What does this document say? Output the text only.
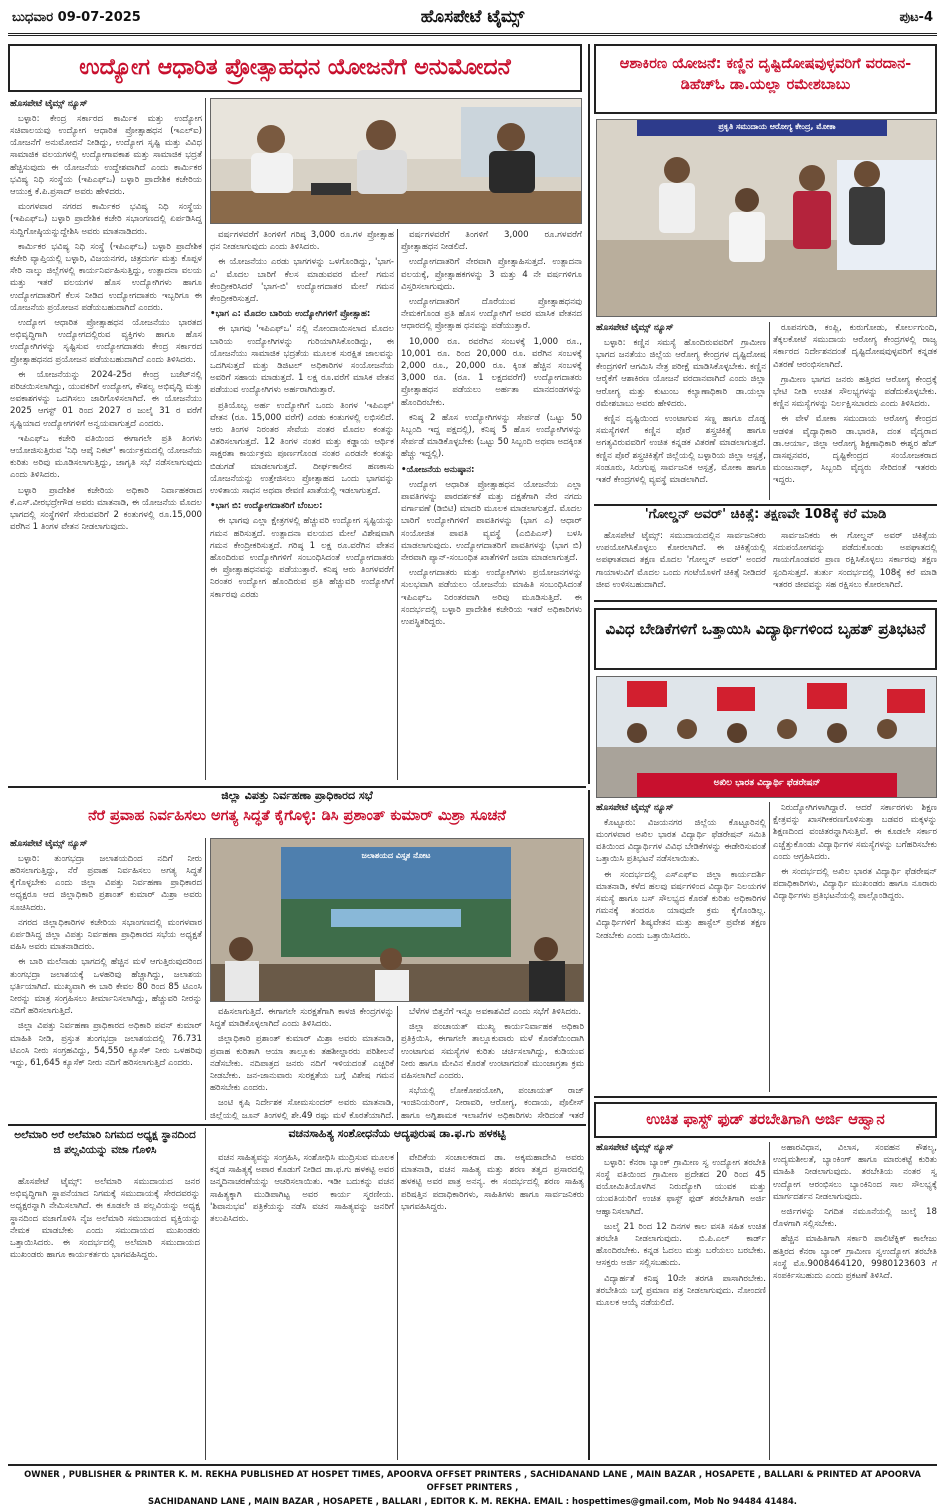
ಬುಧವಾರ 09-07-2025	ಹೊಸಪೇಟೆ ಟೈಮ್ಸ್	ಪುಟ-4
ಉದ್ಯೋಗ ಆಧಾರಿತ ಪ್ರೋತ್ಸಾಹಧನ ಯೋಜನೆಗೆ ಅನುಮೋದನೆ
ಹೊಸಪೇಟೆ ಟೈಮ್ಸ್ ನ್ಯೂಸ್

ಬಳ್ಳಾರಿ: ಕೇಂದ್ರ ಸರ್ಕಾರದ ಕಾರ್ಮಿಕ ಮತ್ತು ಉದ್ಯೋಗ ಸಚಿವಾಲಯವು ಉದ್ಯೋಗ ಆಧಾರಿತ ಪ್ರೋತ್ಸಾಹಧನ (ಇಎಲ್‌ಐ) ಯೋಜನೆಗೆ ಅನುಮೋದನೆ ನೀಡಿದ್ದು, ಉದ್ಯೋಗ ಸೃಷ್ಟಿ ಮತ್ತು ವಿವಿಧ ಸಾಮಾಜಿಕ ವಲಯಗಳಲ್ಲಿ ಉದ್ಯೋಗಾವಕಾಶ ಮತ್ತು ಸಾಮಾಜಿಕ ಭದ್ರತೆ ಹೆಚ್ಚಿಸುವುದು ಈ ಯೋಜನೆಯ ಉದ್ದೇಶವಾಗಿದೆ ಎಂದು ಕಾರ್ಮಿಕರ ಭವಿಷ್ಯ ನಿಧಿ ಸಂಸ್ಥೆಯ (ಇಪಿಎಫ್‌ಒ) ಬಳ್ಳಾರಿ ಪ್ರಾದೇಶಿಕ ಕಚೇರಿಯ ಆಯುಕ್ತ ಕೆ.ಪಿ.ಪ್ರಸಾದ್ ಅವರು ಹೇಳಿದರು.

ಮಂಗಳವಾರ ನಗರದ ಕಾರ್ಮಿಕರ ಭವಿಷ್ಯ ನಿಧಿ ಸಂಸ್ಥೆಯ (ಇಪಿಎಫ್‌ಒ) ಬಳ್ಳಾರಿ ಪ್ರಾದೇಶಿಕ ಕಚೇರಿ ಸಭಾಂಗಣದಲ್ಲಿ ಏರ್ಪಡಿಸಿದ್ದ ಸುದ್ದಿಗೋಷ್ಠಿಯನ್ನುದ್ದೇಶಿಸಿ ಅವರು ಮಾತನಾಡಿದರು.

ಕಾರ್ಮಿಕರ ಭವಿಷ್ಯ ನಿಧಿ ಸಂಸ್ಥೆ (ಇಪಿಎಫ್‌ಒ) ಬಳ್ಳಾರಿ ಪ್ರಾದೇಶಿಕ ಕಚೇರಿ ವ್ಯಾಪ್ತಿಯಲ್ಲಿ ಬಳ್ಳಾರಿ, ವಿಜಯನಗರ, ಚಿತ್ರದುರ್ಗ ಮತ್ತು ಕೊಪ್ಪಳ ಸೇರಿ ನಾಲ್ಕು ಜಿಲ್ಲೆಗಳಲ್ಲಿ ಕಾರ್ಯನಿರ್ವಹಿಸುತ್ತಿದ್ದು, ಉತ್ಪಾದನಾ ವಲಯ ಮತ್ತು ಇತರೆ ವಲಯಗಳ ಹೊಸ ಉದ್ಯೋಗಿಗಳು ಹಾಗೂ ಉದ್ಯೋಗದಾತರಿಗೆ ಕೆಲಸ ನೀಡಿದ ಉದ್ಯೋಗದಾತರು ಇಬ್ಬರಿಗೂ ಈ ಯೋಜನೆಯ ಪ್ರಯೋಜನ ಪಡೆಯಬಹುದಾಗಿದೆ ಎಂದರು.

ಉದ್ಯೋಗ ಆಧಾರಿತ ಪ್ರೋತ್ಸಾಹಧನ ಯೋಜನೆಯು ಭಾರತದ ಅಭಿವೃದ್ಧಿಗಾಗಿ ಉದ್ಯೋಗದಲ್ಲಿರುವ ವ್ಯಕ್ತಿಗಳು ಹಾಗೂ ಹೊಸ ಉದ್ಯೋಗಿಗಳನ್ನು ಸೃಷ್ಟಿಸುವ ಉದ್ಯೋಗದಾತರು ಕೇಂದ್ರ ಸರ್ಕಾರದ ಪ್ರೋತ್ಸಾಹಧನದ ಪ್ರಯೋಜನ ಪಡೆಯಬಹುದಾಗಿದೆ ಎಂದು ತಿಳಿಸಿದರು.

ಈ ಯೋಜನೆಯನ್ನು 2024-25ರ ಕೇಂದ್ರ ಬಜೆಟ್‌ನಲ್ಲಿ ಪರಿಚಯಿಸಲಾಗಿದ್ದು, ಯುವಕರಿಗೆ ಉದ್ಯೋಗ, ಕೌಶಲ್ಯ ಅಭಿವೃದ್ಧಿ ಮತ್ತು ಅವಕಾಶಗಳನ್ನು ಒದಗಿಸಲು ಜಾರಿಗೊಳಿಸಲಾಗಿದೆ. ಈ ಯೋಜನೆಯು 2025 ಆಗಸ್ಟ್ 01 ರಿಂದ 2027 ರ ಜುಲೈ 31 ರ ವರೆಗೆ ಸೃಷ್ಟಿಯಾದ ಉದ್ಯೋಗಗಳಿಗೆ ಅನ್ವಯವಾಗುತ್ತದೆ ಎಂದರು.

ಇಪಿಎಫ್‌ಒ ಕಚೇರಿ ವತಿಯಿಂದ ಈಗಾಗಲೇ ಪ್ರತಿ ತಿಂಗಳು ಆಯೋಜಿಸುತ್ತಿರುವ 'ನಿಧಿ ಆಪ್ಕೆ ನಿಕಟ್' ಕಾರ್ಯಕ್ರಮದಲ್ಲಿ ಯೋಜನೆಯ ಕುರಿತು ಅರಿವು ಮೂಡಿಸಲಾಗುತ್ತಿದ್ದು, ಜಾಗೃತಿ ಸಭೆ ನಡೆಸಲಾಗುವುದು ಎಂದು ತಿಳಿಸಿದರು.

ಬಳ್ಳಾರಿ ಪ್ರಾದೇಶಿಕ ಕಚೇರಿಯ ಅಧಿಕಾರಿ ನಿರ್ವಾಹಕರಾದ ಕೆ.ಎಸ್.ವೀರಭದ್ರೇಗೌಡ ಅವರು ಮಾತನಾಡಿ, ಈ ಯೋಜನೆಯ ಮೊದಲ ಭಾಗದಲ್ಲಿ ಸಂಸ್ಥೆಗಳಿಗೆ ಸೇರುವವರಿಗೆ 2 ಕಂತುಗಳಲ್ಲಿ ರೂ.15,000 ವರೆಗಿನ 1 ತಿಂಗಳ ವೇತನ ನೀಡಲಾಗುವುದು.

ವರ್ಷಗಳವರೆಗೆ ತಿಂಗಳಿಗೆ ಗರಿಷ್ಠ 3,000 ರೂ.ಗಳ ಪ್ರೋತ್ಸಾಹ ಧನ ನೀಡಲಾಗುವುದು ಎಂದು ತಿಳಿಸಿದರು.

ಈ ಯೋಜನೆಯು ಎರಡು ಭಾಗಗಳನ್ನು ಒಳಗೊಂಡಿದ್ದು, 'ಭಾಗ-ಎ' ಮೊದಲ ಬಾರಿಗೆ ಕೆಲಸ ಮಾಡುವವರ ಮೇಲೆ ಗಮನ ಕೇಂದ್ರೀಕರಿಸಿದರೆ 'ಭಾಗ-ಬಿ' ಉದ್ಯೋಗದಾತರ ಮೇಲೆ ಗಮನ ಕೇಂದ್ರೀಕರಿಸುತ್ತದೆ.

•ಭಾಗ ಎ: ಮೊದಲ ಬಾರಿಯ ಉದ್ಯೋಗಿಗಳಿಗೆ ಪ್ರೋತ್ಸಾಹ:

ಈ ಭಾಗವು 'ಇಪಿಎಫ್‌ಒ' ನಲ್ಲಿ ನೋಂದಾಯಿಸಲಾದ ಮೊದಲ ಬಾರಿಯ ಉದ್ಯೋಗಿಗಳನ್ನು ಗುರಿಯಾಗಿಸಿಕೊಂಡಿದ್ದು, ಈ ಯೋಜನೆಯು ಸಾಮಾಜಿಕ ಭದ್ರತೆಯ ಮೂಲಕ ಸುರಕ್ಷಿತ ಜಾಲವನ್ನು ಒದಗಿಸುತ್ತದೆ ಮತ್ತು ಡಿಜಿಟಲ್ ಅಧಿಕಾರಿಗಳ ಸಂಯೋಜನೆಯ ಅವರಿಗೆ ಸಹಾಯ ಮಾಡುತ್ತದೆ. 1 ಲಕ್ಷ ರೂ.ವರೆಗೆ ಮಾಸಿಕ ವೇತನ ಪಡೆಯುವ ಉದ್ಯೋಗಿಗಳು ಅರ್ಹರಾಗಿರುತ್ತಾರೆ.

ಪ್ರತಿಯೊಬ್ಬ ಅರ್ಹ ಉದ್ಯೋಗಿಗೆ ಒಂದು ತಿಂಗಳ 'ಇಪಿಎಫ್' ವೇತನ (ರೂ. 15,000 ವರೆಗೆ) ಎರಡು ಕಂತುಗಳಲ್ಲಿ ಲಭಿಸಲಿದೆ. ಆರು ತಿಂಗಳ ನಿರಂತರ ಸೇವೆಯ ನಂತರ ಮೊದಲ ಕಂತನ್ನು ವಿತರಿಸಲಾಗುತ್ತದೆ. 12 ತಿಂಗಳ ನಂತರ ಮತ್ತು ಕಡ್ಡಾಯ ಆರ್ಥಿಕ ಸಾಕ್ಷರತಾ ಕಾರ್ಯಕ್ರಮ ಪೂರ್ಣಗೊಂಡ ನಂತರ ಎರಡನೇ ಕಂತನ್ನು ಬಿಡುಗಡೆ ಮಾಡಲಾಗುತ್ತದೆ. ದೀರ್ಘಕಾಲೀನ ಹಣಕಾಸು ಯೋಜನೆಯನ್ನು ಉತ್ತೇಜಿಸಲು ಪ್ರೋತ್ಸಾಹದ ಒಂದು ಭಾಗವನ್ನು ಉಳಿತಾಯ ಸಾಧನ ಅಥವಾ ಠೇವಣಿ ಖಾತೆಯಲ್ಲಿ ಇಡಲಾಗುತ್ತದೆ.

•ಭಾಗ ಬಿ: ಉದ್ಯೋಗದಾತರಿಗೆ ಬೆಂಬಲ:

ಈ ಭಾಗವು ಎಲ್ಲಾ ಕ್ಷೇತ್ರಗಳಲ್ಲಿ ಹೆಚ್ಚುವರಿ ಉದ್ಯೋಗ ಸೃಷ್ಟಿಯನ್ನು ಗಮನ ಹರಿಸುತ್ತದೆ. ಉತ್ಪಾದನಾ ವಲಯದ ಮೇಲೆ ವಿಶೇಷವಾಗಿ ಗಮನ ಕೇಂದ್ರೀಕರಿಸುತ್ತದೆ. ಗರಿಷ್ಠ 1 ಲಕ್ಷ ರೂ.ವರೆಗಿನ ವೇತನ ಹೊಂದಿರುವ ಉದ್ಯೋಗಿಗಳಿಗೆ ಸಂಬಂಧಿಸಿದಂತೆ ಉದ್ಯೋಗದಾತರು ಈ ಪ್ರೋತ್ಸಾಹಧನವನ್ನು ಪಡೆಯುತ್ತಾರೆ. ಕನಿಷ್ಠ ಆರು ತಿಂಗಳವರೆಗೆ ನಿರಂತರ ಉದ್ಯೋಗ ಹೊಂದಿರುವ ಪ್ರತಿ ಹೆಚ್ಚುವರಿ ಉದ್ಯೋಗಿಗೆ ಸರ್ಕಾರವು ಎರಡು

ವರ್ಷಗಳವರೆಗೆ ತಿಂಗಳಿಗೆ 3,000 ರೂ.ಗಳವರೆಗೆ ಪ್ರೋತ್ಸಾಹಧನ ನೀಡಲಿದೆ.

ಉದ್ಯೋಗದಾತರಿಗೆ ನೇರವಾಗಿ ಪ್ರೋತ್ಸಾಹಿಸುತ್ತದೆ. ಉತ್ಪಾದನಾ ವಲಯಕ್ಕೆ, ಪ್ರೋತ್ಸಾಹಕಗಳನ್ನು 3 ಮತ್ತು 4 ನೇ ವರ್ಷಗಳಿಗೂ ವಿಸ್ತರಿಸಲಾಗುವುದು.

ಉದ್ಯೋಗದಾತರಿಗೆ ದೊರೆಯುವ ಪ್ರೋತ್ಸಾಹಧನವು ನೇಮಕಗೊಂಡ ಪ್ರತಿ ಹೊಸ ಉದ್ಯೋಗಿಗೆ ಅವರ ಮಾಸಿಕ ವೇತನದ ಆಧಾರದಲ್ಲಿ ಪ್ರೋತ್ಸಾಹ ಧನವನ್ನು ಪಡೆಯುತ್ತಾರೆ.

10,000 ರೂ. ರವರೆಗಿನ ಸಂಬಳಕ್ಕೆ 1,000 ರೂ., 10,001 ರೂ. ರಿಂದ 20,000 ರೂ. ವರೆಗಿನ ಸಂಬಳಕ್ಕೆ 2,000 ರೂ., 20,000 ರೂ. ಕ್ಕಿಂತ ಹೆಚ್ಚಿನ ಸಂಬಳಕ್ಕೆ 3,000 ರೂ. (ರೂ. 1 ಲಕ್ಷದವರೆಗೆ) ಉದ್ಯೋಗದಾತರು ಪ್ರೋತ್ಸಾಹಧನ ಪಡೆಯಲು ಅರ್ಹತಾ ಮಾನದಂಡಗಳನ್ನು ಹೊಂದಿರಬೇಕು.

ಕನಿಷ್ಠ 2 ಹೊಸ ಉದ್ಯೋಗಿಗಳನ್ನು ಸೇರ್ಪಡೆ (ಒಟ್ಟು 50 ಸಿಬ್ಬಂದಿ ಇದ್ದ ಪಕ್ಷದಲ್ಲಿ), ಕನಿಷ್ಠ 5 ಹೊಸ ಉದ್ಯೋಗಿಗಳನ್ನು ಸೇರ್ಪಡೆ ಮಾಡಿಕೊಳ್ಳಬೇಕು (ಒಟ್ಟು 50 ಸಿಬ್ಬಂದಿ ಅಥವಾ ಅದಕ್ಕಿಂತ ಹೆಚ್ಚು ಇದ್ದಲ್ಲಿ).

•ಯೋಜನೆಯ ಅನುಷ್ಠಾನ:

ಉದ್ಯೋಗ ಆಧಾರಿತ ಪ್ರೋತ್ಸಾಹಧನ ಯೋಜನೆಯ ಎಲ್ಲಾ ಪಾವತಿಗಳನ್ನು ಪಾರದರ್ಶಕತೆ ಮತ್ತು ದಕ್ಷತೆಗಾಗಿ ನೇರ ನಗದು ವರ್ಗಾವಣೆ (ಡಿಬಿಟಿ) ಮಾದರಿ ಮೂಲಕ ಮಾಡಲಾಗುತ್ತದೆ. ಮೊದಲ ಬಾರಿಗೆ ಉದ್ಯೋಗಿಗಳಿಗೆ ಪಾವತಿಗಳನ್ನು (ಭಾಗ ಎ) ಆಧಾರ್ ಸಂಯೋಜಿತ ಪಾವತಿ ವ್ಯವಸ್ಥೆ (ಎಬಿಪಿಎಸ್) ಬಳಸಿ ಮಾಡಲಾಗುವುದು. ಉದ್ಯೋಗದಾತರಿಗೆ ಪಾವತಿಗಳನ್ನು (ಭಾಗ ಬಿ) ನೇರವಾಗಿ ಪ್ಯಾನ್-ಸಂಬಂಧಿತ ಖಾತೆಗಳಿಗೆ ಜಮಾ ಮಾಡಲಾಗುತ್ತದೆ.

ಉದ್ಯೋಗದಾತರು ಮತ್ತು ಉದ್ಯೋಗಿಗಳು ಪ್ರಯೋಜನಗಳನ್ನು ಸುಲಭವಾಗಿ ಪಡೆಯಲು ಯೋಜನೆಯ ಮಾಹಿತಿ ಸಂಬಂಧಿಸಿದಂತೆ ಇಪಿಎಫ್‌ಒ ನಿರಂತರವಾಗಿ ಅರಿವು ಮೂಡಿಸುತ್ತಿದೆ. ಈ ಸಂದರ್ಭದಲ್ಲಿ ಬಳ್ಳಾರಿ ಪ್ರಾದೇಶಿಕ ಕಚೇರಿಯ ಇತರೆ ಅಧಿಕಾರಿಗಳು ಉಪಸ್ಥಿತರಿದ್ದರು.

ಆಶಾಕಿರಣ ಯೋಜನೆ: ಕಣ್ಣಿನ ದೃಷ್ಟಿದೋಷವುಳ್ಳವರಿಗೆ ವರದಾನ-ಡಿಹೆಚ್‌ಓ ಡಾ.ಯಲ್ಲಾ ರಮೇಶಬಾಬು
ಪ್ರಕೃತಿ ಸಮುದಾಯ ಆರೋಗ್ಯ ಕೇಂದ್ರ, ಮೋಕಾ
ಹೊಸಪೇಟೆ ಟೈಮ್ಸ್ ನ್ಯೂಸ್

ಬಳ್ಳಾರಿ: ಕಣ್ಣಿನ ಸಮಸ್ಯೆ ಹೊಂದಿರುವವರಿಗೆ ಗ್ರಾಮೀಣ ಭಾಗದ ಜನತೆಯು ಜಿಲ್ಲೆಯ ಆರೋಗ್ಯ ಕೇಂದ್ರಗಳ ದೃಷ್ಟಿದೋಷ ಕೇಂದ್ರಗಳಿಗೆ ಆಗಮಿಸಿ ನೇತ್ರ ಪರೀಕ್ಷೆ ಮಾಡಿಸಿಕೊಳ್ಳಬೇಕು. ಕಣ್ಣಿನ ಆರೈಕೆಗೆ ಆಶಾಕಿರಣ ಯೋಜನೆ ವರದಾನವಾಗಿದೆ ಎಂದು ಜಿಲ್ಲಾ ಆರೋಗ್ಯ ಮತ್ತು ಕುಟುಂಬ ಕಲ್ಯಾಣಾಧಿಕಾರಿ ಡಾ.ಯಲ್ಲಾ ರಮೇಶಬಾಬು ಅವರು ಹೇಳಿದರು.

ಕಣ್ಣಿನ ದೃಷ್ಟಿಯಿಂದ ಉಂಟಾಗುವ ಸಣ್ಣ ಹಾಗೂ ದೊಡ್ಡ ಸಮಸ್ಯೆಗಳಿಗೆ ಕಣ್ಣಿನ ಪೊರೆ ಶಸ್ತ್ರಚಿಕಿತ್ಸೆ ಹಾಗೂ ಅಗತ್ಯವಿರುವವರಿಗೆ ಉಚಿತ ಕನ್ನಡಕ ವಿತರಣೆ ಮಾಡಲಾಗುತ್ತದೆ. ಕಣ್ಣಿನ ಪೊರೆ ಶಸ್ತ್ರಚಿಕಿತ್ಸೆಗೆ ಜಿಲ್ಲೆಯಲ್ಲಿ ಬಳ್ಳಾರಿಯ ಜಿಲ್ಲಾ ಆಸ್ಪತ್ರೆ, ಸಂಡೂರು, ಸಿರುಗುಪ್ಪ ಸಾರ್ವಜನಿಕ ಆಸ್ಪತ್ರೆ, ಮೋಕಾ ಹಾಗೂ ಇತರೆ ಕೇಂದ್ರಗಳಲ್ಲಿ ವ್ಯವಸ್ಥೆ ಮಾಡಲಾಗಿದೆ.

ರೂಪನಗುಡಿ, ಕಂಪ್ಲಿ, ಕುರುಗೋಡು, ಕೋರ್ಲಗುಂದಿ, ತೆಕ್ಕಲಕೋಟೆ ಸಮುದಾಯ ಆರೋಗ್ಯ ಕೇಂದ್ರಗಳಲ್ಲಿ ರಾಜ್ಯ ಸರ್ಕಾರದ ನಿರ್ದೇಶನದಂತೆ ದೃಷ್ಟಿದೋಷವುಳ್ಳವರಿಗೆ ಕನ್ನಡಕ ವಿತರಣೆ ಆರಂಭಿಸಲಾಗಿದೆ.

ಗ್ರಾಮೀಣ ಭಾಗದ ಜನರು ಹತ್ತಿರದ ಆರೋಗ್ಯ ಕೇಂದ್ರಕ್ಕೆ ಭೇಟಿ ನೀಡಿ ಉಚಿತ ಸೌಲಭ್ಯಗಳನ್ನು ಪಡೆದುಕೊಳ್ಳಬೇಕು. ಕಣ್ಣಿನ ಸಮಸ್ಯೆಗಳನ್ನು ನಿರ್ಲಕ್ಷಿಸಬಾರದು ಎಂದು ತಿಳಿಸಿದರು.

ಈ ವೇಳೆ ಮೋಕಾ ಸಮುದಾಯ ಆರೋಗ್ಯ ಕೇಂದ್ರದ ಆಡಳಿತ ವೈದ್ಯಾಧಿಕಾರಿ ಡಾ.ಭಾರತಿ, ದಂತ ವೈದ್ಯರಾದ ಡಾ.ಆರ್ಯಾ, ಜಿಲ್ಲಾ ಆರೋಗ್ಯ ಶಿಕ್ಷಣಾಧಿಕಾರಿ ಈಶ್ವರ ಹೆಚ್ ದಾಸಪ್ಪನವರ, ದೃಷ್ಟಿಕೇಂದ್ರದ ಸಂಯೋಜಕರಾದ ಮಂಜುನಾಥ್, ಸಿಬ್ಬಂದಿ ವೈದ್ಯರು ಸೇರಿದಂತೆ ಇತರರು ಇದ್ದರು.

'ಗೋಲ್ಡನ್ ಅವರ್' ಚಿಕಿತ್ಸೆ: ತಕ್ಷಣವೇ 108ಕ್ಕೆ ಕರೆ ಮಾಡಿ

ಹೊಸಪೇಟೆ ಟೈಮ್ಸ್: ಸಮುದಾಯದಲ್ಲಿನ ಸಾರ್ವಜನಿಕರು ಉಪಯೋಗಿಸಿಕೊಳ್ಳಲು ಕೋರಲಾಗಿದೆ. ಈ ಚಿಕಿತ್ಸೆಯಲ್ಲಿ ಅಪಘಾತವಾದ ತಕ್ಷಣ ಮೊದಲ 'ಗೋಲ್ಡನ್ ಅವರ್' ಅಂದರೆ ಗಾಯಾಳುವಿಗೆ ಮೊದಲ ಒಂದು ಗಂಟೆಯೊಳಗೆ ಚಿಕಿತ್ಸೆ ನೀಡಿದರೆ ಜೀವ ಉಳಿಸಬಹುದಾಗಿದೆ.

ಸಾರ್ವಜನಿಕರು ಈ ಗೋಲ್ಡನ್ ಅವರ್ ಚಿಕಿತ್ಸೆಯ ಸದುಪಯೋಗವನ್ನು ಪಡೆದುಕೊಂಡು ಅಪಘಾತದಲ್ಲಿ ಗಾಯಗೊಂಡವರ ಪ್ರಾಣ ರಕ್ಷಿಸಿಕೊಳ್ಳಲು ಸರ್ಕಾರವು ತಕ್ಷಣ ಸ್ಪಂದಿಸುತ್ತದೆ. ತುರ್ತು ಸಂದರ್ಭದಲ್ಲಿ 108ಕ್ಕೆ ಕರೆ ಮಾಡಿ ಇತರರ ಜೀವವನ್ನು ಸಹ ರಕ್ಷಿಸಲು ಕೋರಲಾಗಿದೆ.

ವಿವಿಧ ಬೇಡಿಕೆಗಳಿಗೆ ಒತ್ತಾಯಿಸಿ ವಿದ್ಯಾರ್ಥಿಗಳಿಂದ ಬೃಹತ್ ಪ್ರತಿಭಟನೆ
ಅಖಿಲ ಭಾರತ ವಿದ್ಯಾರ್ಥಿ ಫೆಡರೇಷನ್
ಹೊಸಪೇಟೆ ಟೈಮ್ಸ್ ನ್ಯೂಸ್

ಕೊಟ್ಟೂರು: ವಿಜಯನಗರ ಜಿಲ್ಲೆಯ ಕೊಟ್ಟೂರಿನಲ್ಲಿ ಮಂಗಳವಾರ ಅಖಿಲ ಭಾರತ ವಿದ್ಯಾರ್ಥಿ ಫೆಡರೇಷನ್ ಸಮಿತಿ ವತಿಯಿಂದ ವಿದ್ಯಾರ್ಥಿಗಳ ವಿವಿಧ ಬೇಡಿಕೆಗಳನ್ನು ಈಡೇರಿಸುವಂತೆ ಒತ್ತಾಯಿಸಿ ಪ್ರತಿಭಟನೆ ನಡೆಸಲಾಯಿತು.

ಈ ಸಂದರ್ಭದಲ್ಲಿ ಎಸ್‌ಎಫ್‌ಐ ಜಿಲ್ಲಾ ಕಾರ್ಯದರ್ಶಿ ಮಾತನಾಡಿ, ಕಳೆದ ಹಲವು ವರ್ಷಗಳಿಂದ ವಿದ್ಯಾರ್ಥಿ ನಿಲಯಗಳ ಸಮಸ್ಯೆ ಹಾಗೂ ಬಸ್ ಸೌಲಭ್ಯದ ಕೊರತೆ ಕುರಿತು ಅಧಿಕಾರಿಗಳ ಗಮನಕ್ಕೆ ತಂದರೂ ಯಾವುದೇ ಕ್ರಮ ಕೈಗೊಂಡಿಲ್ಲ. ವಿದ್ಯಾರ್ಥಿಗಳಿಗೆ ಶಿಷ್ಯವೇತನ ಮತ್ತು ಹಾಸ್ಟೆಲ್ ಪ್ರವೇಶ ತಕ್ಷಣ ನೀಡಬೇಕು ಎಂದು ಒತ್ತಾಯಿಸಿದರು.

ನಿರುದ್ಯೋಗಿಗಳಾಗಿದ್ದಾರೆ. ಆದರೆ ಸರ್ಕಾರಗಳು ಶಿಕ್ಷಣ ಕ್ಷೇತ್ರವನ್ನು ಖಾಸಗೀಕರಣಗೊಳಿಸುತ್ತಾ ಬಡವರ ಮಕ್ಕಳನ್ನು ಶಿಕ್ಷಣದಿಂದ ವಂಚಿತರನ್ನಾಗಿಸುತ್ತಿವೆ. ಈ ಕೂಡಲೇ ಸರ್ಕಾರ ಎಚ್ಚೆತ್ತುಕೊಂಡು ವಿದ್ಯಾರ್ಥಿಗಳ ಸಮಸ್ಯೆಗಳನ್ನು ಬಗೆಹರಿಸಬೇಕು ಎಂದು ಆಗ್ರಹಿಸಿದರು.

ಈ ಸಂದರ್ಭದಲ್ಲಿ ಅಖಿಲ ಭಾರತ ವಿದ್ಯಾರ್ಥಿ ಫೆಡರೇಷನ್ ಪದಾಧಿಕಾರಿಗಳು, ವಿದ್ಯಾರ್ಥಿ ಮುಖಂಡರು ಹಾಗೂ ನೂರಾರು ವಿದ್ಯಾರ್ಥಿಗಳು ಪ್ರತಿಭಟನೆಯಲ್ಲಿ ಪಾಲ್ಗೊಂಡಿದ್ದರು.

ಜಿಲ್ಲಾ ವಿಪತ್ತು ನಿರ್ವಹಣಾ ಪ್ರಾಧಿಕಾರದ ಸಭೆ
ನೆರೆ ಪ್ರವಾಹ ನಿರ್ವಹಿಸಲು ಅಗತ್ಯ ಸಿದ್ಧತೆ ಕೈಗೊಳ್ಳಿ: ಡಿಸಿ ಪ್ರಶಾಂತ್ ಕುಮಾರ್ ಮಿಶ್ರಾ ಸೂಚನೆ
ಹೊಸಪೇಟೆ ಟೈಮ್ಸ್ ನ್ಯೂಸ್

ಬಳ್ಳಾರಿ: ತುಂಗಭದ್ರಾ ಜಲಾಶಯದಿಂದ ನದಿಗೆ ನೀರು ಹರಿಸಲಾಗುತ್ತಿದ್ದು, ನೆರೆ ಪ್ರವಾಹ ನಿರ್ವಹಿಸಲು ಅಗತ್ಯ ಸಿದ್ಧತೆ ಕೈಗೊಳ್ಳಬೇಕು ಎಂದು ಜಿಲ್ಲಾ ವಿಪತ್ತು ನಿರ್ವಹಣಾ ಪ್ರಾಧಿಕಾರದ ಅಧ್ಯಕ್ಷರೂ ಆದ ಜಿಲ್ಲಾಧಿಕಾರಿ ಪ್ರಶಾಂತ್ ಕುಮಾರ್ ಮಿಶ್ರಾ ಅವರು ಸೂಚಿಸಿದರು.

ನಗರದ ಜಿಲ್ಲಾಧಿಕಾರಿಗಳ ಕಚೇರಿಯ ಸಭಾಂಗಣದಲ್ಲಿ ಮಂಗಳವಾರ ಏರ್ಪಡಿಸಿದ್ದ ಜಿಲ್ಲಾ ವಿಪತ್ತು ನಿರ್ವಹಣಾ ಪ್ರಾಧಿಕಾರದ ಸಭೆಯ ಅಧ್ಯಕ್ಷತೆ ವಹಿಸಿ ಅವರು ಮಾತನಾಡಿದರು.

ಈ ಬಾರಿ ಮಲೆನಾಡು ಭಾಗದಲ್ಲಿ ಹೆಚ್ಚಿನ ಮಳೆ ಆಗುತ್ತಿರುವುದರಿಂದ ತುಂಗಭದ್ರಾ ಜಲಾಶಯಕ್ಕೆ ಒಳಹರಿವು ಹೆಚ್ಚಾಗಿದ್ದು, ಜಲಾಶಯ ಭರ್ತಿಯಾಗಿದೆ. ಮುಖ್ಯವಾಗಿ ಈ ಬಾರಿ ಕೇವಲ 80 ರಿಂದ 85 ಟಿಎಂಸಿ ನೀರನ್ನು ಮಾತ್ರ ಸಂಗ್ರಹಿಸಲು ತೀರ್ಮಾನಿಸಲಾಗಿದ್ದು, ಹೆಚ್ಚುವರಿ ನೀರನ್ನು ನದಿಗೆ ಹರಿಸಲಾಗುತ್ತಿದೆ.

ಜಿಲ್ಲಾ ವಿಪತ್ತು ನಿರ್ವಹಣಾ ಪ್ರಾಧಿಕಾರದ ಅಧಿಕಾರಿ ಪವನ್ ಕುಮಾರ್ ಮಾಹಿತಿ ನೀಡಿ, ಪ್ರಸ್ತುತ ತುಂಗಭದ್ರಾ ಜಲಾಶಯದಲ್ಲಿ 76.731 ಟಿಎಂಸಿ ನೀರು ಸಂಗ್ರಹವಿದ್ದು, 54,550 ಕ್ಯೂಸೆಕ್ ನೀರು ಒಳಹರಿವು ಇದ್ದು, 61,645 ಕ್ಯೂಸೆಕ್ ನೀರು ನದಿಗೆ ಹರಿಸಲಾಗುತ್ತಿದೆ ಎಂದರು.

ಜಲಾಶಯದ ವಿಸ್ತೃತ ನೋಟ

ವಹಿಸಲಾಗುತ್ತಿದೆ. ಈಗಾಗಲೇ ಸುರಕ್ಷತೆಗಾಗಿ ಕಾಳಜಿ ಕೇಂದ್ರಗಳನ್ನು ಸಿದ್ಧತೆ ಮಾಡಿಕೊಳ್ಳಲಾಗಿದೆ ಎಂದು ತಿಳಿಸಿದರು.

ಜಿಲ್ಲಾಧಿಕಾರಿ ಪ್ರಶಾಂತ್ ಕುಮಾರ್ ಮಿಶ್ರಾ ಅವರು ಮಾತನಾಡಿ, ಪ್ರವಾಹ ಕುರಿತಾಗಿ ಆಯಾ ತಾಲ್ಲೂಕು ತಹಶೀಲ್ದಾರರು ಪರಿಶೀಲನೆ ನಡೆಸಬೇಕು. ನದಿಪಾತ್ರದ ಜನರು ನದಿಗೆ ಇಳಿಯದಂತೆ ಎಚ್ಚರಿಕೆ ನೀಡಬೇಕು. ಜನ-ಜಾನುವಾರು ಸುರಕ್ಷತೆಯ ಬಗ್ಗೆ ವಿಶೇಷ ಗಮನ ಹರಿಸಬೇಕು ಎಂದರು.

ಜಂಟಿ ಕೃಷಿ ನಿರ್ದೇಶಕ ಸೋಮಸುಂದರ್ ಅವರು ಮಾತನಾಡಿ, ಜಿಲ್ಲೆಯಲ್ಲಿ ಜೂನ್ ತಿಂಗಳಲ್ಲಿ ಶೇ.49 ರಷ್ಟು ಮಳೆ ಕೊರತೆಯಾಗಿದೆ.

ಬೆಳೆಗಳ ಬಿತ್ತನೆಗೆ ಇನ್ನೂ ಅವಕಾಶವಿದೆ ಎಂದು ಸಭೆಗೆ ತಿಳಿಸಿದರು.

ಜಿಲ್ಲಾ ಪಂಚಾಯತ್ ಮುಖ್ಯ ಕಾರ್ಯನಿರ್ವಾಹಕ ಅಧಿಕಾರಿ ಪ್ರತಿಕ್ರಿಯಿಸಿ, ಈಗಾಗಲೇ ತಾಲ್ಲೂಕುವಾರು ಮಳೆ ಕೊರತೆಯಿಂದಾಗಿ ಉಂಟಾಗುವ ಸಮಸ್ಯೆಗಳ ಕುರಿತು ಚರ್ಚಿಸಲಾಗಿದ್ದು, ಕುಡಿಯುವ ನೀರು ಹಾಗೂ ಮೇವಿನ ಕೊರತೆ ಉಂಟಾಗದಂತೆ ಮುಂಜಾಗ್ರತಾ ಕ್ರಮ ವಹಿಸಲಾಗಿದೆ ಎಂದರು.

ಸಭೆಯಲ್ಲಿ ಲೋಕೋಪಯೋಗಿ, ಪಂಚಾಯತ್ ರಾಜ್ ಇಂಜಿನಿಯರಿಂಗ್, ನೀರಾವರಿ, ಆರೋಗ್ಯ, ಕಂದಾಯ, ಪೊಲೀಸ್ ಹಾಗೂ ಅಗ್ನಿಶಾಮಕ ಇಲಾಖೆಗಳ ಅಧಿಕಾರಿಗಳು ಸೇರಿದಂತೆ ಇತರೆ	ಉಚಿತ ಫಾಸ್ಟ್ ಫುಡ್ ತರಬೇತಿಗಾಗಿ ಅರ್ಜಿ ಆಹ್ವಾನ
ಹೊಸಪೇಟೆ ಟೈಮ್ಸ್ ನ್ಯೂಸ್

ಬಳ್ಳಾರಿ: ಕೆನರಾ ಬ್ಯಾಂಕ್ ಗ್ರಾಮೀಣ ಸ್ವ ಉದ್ಯೋಗ ತರಬೇತಿ ಸಂಸ್ಥೆ ವತಿಯಿಂದ ಗ್ರಾಮೀಣ ಪ್ರದೇಶದ 20 ರಿಂದ 45 ವಯೋಮಿತಿಯೊಳಗಿನ ನಿರುದ್ಯೋಗಿ ಯುವಕ ಮತ್ತು ಯುವತಿಯರಿಗೆ ಉಚಿತ ಫಾಸ್ಟ್ ಫುಡ್ ತರಬೇತಿಗಾಗಿ ಅರ್ಜಿ ಆಹ್ವಾನಿಸಲಾಗಿದೆ.

ಜುಲೈ 21 ರಿಂದ 12 ದಿನಗಳ ಕಾಲ ವಸತಿ ಸಹಿತ ಉಚಿತ ತರಬೇತಿ ನೀಡಲಾಗುವುದು. ಬಿ.ಪಿ.ಎಲ್ ಕಾರ್ಡ್ ಹೊಂದಿರಬೇಕು. ಕನ್ನಡ ಓದಲು ಮತ್ತು ಬರೆಯಲು ಬರಬೇಕು. ಆಸಕ್ತರು ಅರ್ಜಿ ಸಲ್ಲಿಸಬಹುದು.

ವಿದ್ಯಾರ್ಹತೆ ಕನಿಷ್ಠ 10ನೇ ತರಗತಿ ಪಾಸಾಗಿರಬೇಕು. ತರಬೇತಿಯ ಬಗ್ಗೆ ಪ್ರಮಾಣ ಪತ್ರ ನೀಡಲಾಗುವುದು. ನೋಂದಣಿ ಮೂಲಕ ಆಯ್ಕೆ ನಡೆಯಲಿದೆ.

ಅಹಾರವಿಧಾನ, ವಿಲಾಸ, ಸಂವಹನ ಕೌಶಲ್ಯ, ಉದ್ಯಮಶೀಲತೆ, ಬ್ಯಾಂಕಿಂಗ್ ಹಾಗೂ ಮಾರುಕಟ್ಟೆ ಕುರಿತು ಮಾಹಿತಿ ನೀಡಲಾಗುವುದು. ತರಬೇತಿಯ ನಂತರ ಸ್ವ ಉದ್ಯೋಗ ಆರಂಭಿಸಲು ಬ್ಯಾಂಕಿನಿಂದ ಸಾಲ ಸೌಲಭ್ಯಕ್ಕೆ ಮಾರ್ಗದರ್ಶನ ನೀಡಲಾಗುವುದು.

ಅರ್ಜಿಗಳನ್ನು ನಿಗದಿತ ನಮೂನೆಯಲ್ಲಿ ಜುಲೈ 18 ರೊಳಗಾಗಿ ಸಲ್ಲಿಸಬೇಕು.

ಹೆಚ್ಚಿನ ಮಾಹಿತಿಗಾಗಿ ಸರ್ಕಾರಿ ಪಾಲಿಟೆಕ್ನಿಕ್ ಕಾಲೇಜು ಹತ್ತಿರದ ಕೆನರಾ ಬ್ಯಾಂಕ್ ಗ್ರಾಮೀಣ ಸ್ವಉದ್ಯೋಗ ತರಬೇತಿ ಸಂಸ್ಥೆ ಮೊ.9008464120, 9980123603 ಗೆ ಸಂಪರ್ಕಿಸಬಹುದು ಎಂದು ಪ್ರಕಟಣೆ ತಿಳಿಸಿದೆ.

ಅಲೆಮಾರಿ ಅರೆ ಅಲೆಮಾರಿ ನಿಗಮದ ಅಧ್ಯಕ್ಷ ಸ್ಥಾನದಿಂದ ಜಿ ಪಲ್ಲವಿಯನ್ನು ವಜಾ ಗೊಳಿಸಿ

ಹೊಸಪೇಟೆ ಟೈಮ್ಸ್: ಅಲೆಮಾರಿ ಸಮುದಾಯದ ಜನರ ಅಭಿವೃದ್ಧಿಗಾಗಿ ಸ್ಥಾಪನೆಯಾದ ನಿಗಮಕ್ಕೆ ಸಮುದಾಯಕ್ಕೆ ಸೇರದವರನ್ನು ಅಧ್ಯಕ್ಷರನ್ನಾಗಿ ನೇಮಿಸಲಾಗಿದೆ. ಈ ಕೂಡಲೇ ಜಿ ಪಲ್ಲವಿಯನ್ನು ಅಧ್ಯಕ್ಷ ಸ್ಥಾನದಿಂದ ವಜಾಗೊಳಿಸಿ ನೈಜ ಅಲೆಮಾರಿ ಸಮುದಾಯದ ವ್ಯಕ್ತಿಯನ್ನು ನೇಮಕ ಮಾಡಬೇಕು ಎಂದು ಸಮುದಾಯದ ಮುಖಂಡರು ಒತ್ತಾಯಿಸಿದರು. ಈ ಸಂದರ್ಭದಲ್ಲಿ ಅಲೆಮಾರಿ ಸಮುದಾಯದ ಮುಖಂಡರು ಹಾಗೂ ಕಾರ್ಯಕರ್ತರು ಭಾಗವಹಿಸಿದ್ದರು.

ವಚನಸಾಹಿತ್ಯ ಸಂಶೋಧನೆಯ ಆದ್ಯಪುರುಷ ಡಾ.ಫ.ಗು ಹಳಕಟ್ಟಿ

ವಚನ ಸಾಹಿತ್ಯವನ್ನು ಸಂಗ್ರಹಿಸಿ, ಸಂಶೋಧಿಸಿ ಮುದ್ರಿಸುವ ಮೂಲಕ ಕನ್ನಡ ಸಾಹಿತ್ಯಕ್ಕೆ ಅಪಾರ ಕೊಡುಗೆ ನೀಡಿದ ಡಾ.ಫ.ಗು ಹಳಕಟ್ಟಿ ಅವರ ಜನ್ಮದಿನಾಚರಣೆಯನ್ನು ಆಚರಿಸಲಾಯಿತು. ಇಡೀ ಬದುಕನ್ನು ವಚನ ಸಾಹಿತ್ಯಕ್ಕಾಗಿ ಮುಡಿಪಾಗಿಟ್ಟ ಅವರ ಕಾರ್ಯ ಸ್ಮರಣೀಯ. 'ಶಿವಾನುಭವ' ಪತ್ರಿಕೆಯನ್ನು ನಡೆಸಿ ವಚನ ಸಾಹಿತ್ಯವನ್ನು ಜನರಿಗೆ ತಲುಪಿಸಿದರು.

ವೇದಿಕೆಯ ಸಂಚಾಲಕರಾದ ಡಾ. ಅಕ್ಕಮಹಾದೇವಿ ಅವರು ಮಾತನಾಡಿ, ವಚನ ಸಾಹಿತ್ಯ ಮತ್ತು ಶರಣ ತತ್ವದ ಪ್ರಸಾರದಲ್ಲಿ ಹಳಕಟ್ಟಿ ಅವರ ಪಾತ್ರ ಅನನ್ಯ. ಈ ಸಂದರ್ಭದಲ್ಲಿ ಶರಣ ಸಾಹಿತ್ಯ ಪರಿಷತ್ತಿನ ಪದಾಧಿಕಾರಿಗಳು, ಸಾಹಿತಿಗಳು ಹಾಗೂ ಸಾರ್ವಜನಿಕರು ಭಾಗವಹಿಸಿದ್ದರು.

OWNER , PUBLISHER & PRINTER K. M. REKHA PUBLISHED AT HOSPET TIMES, APOORVA OFFSET PRINTERS , SACHIDANAND LANE , MAIN BAZAR , HOSAPETE , BALLARI & PRINTED AT APOORVA OFFSET PRINTERS ,
SACHIDANAND LANE , MAIN BAZAR , HOSAPETE , BALLARI , EDITOR K. M. REKHA. EMAIL : hospettimes@gmail.com, Mob No 94484 41484.
